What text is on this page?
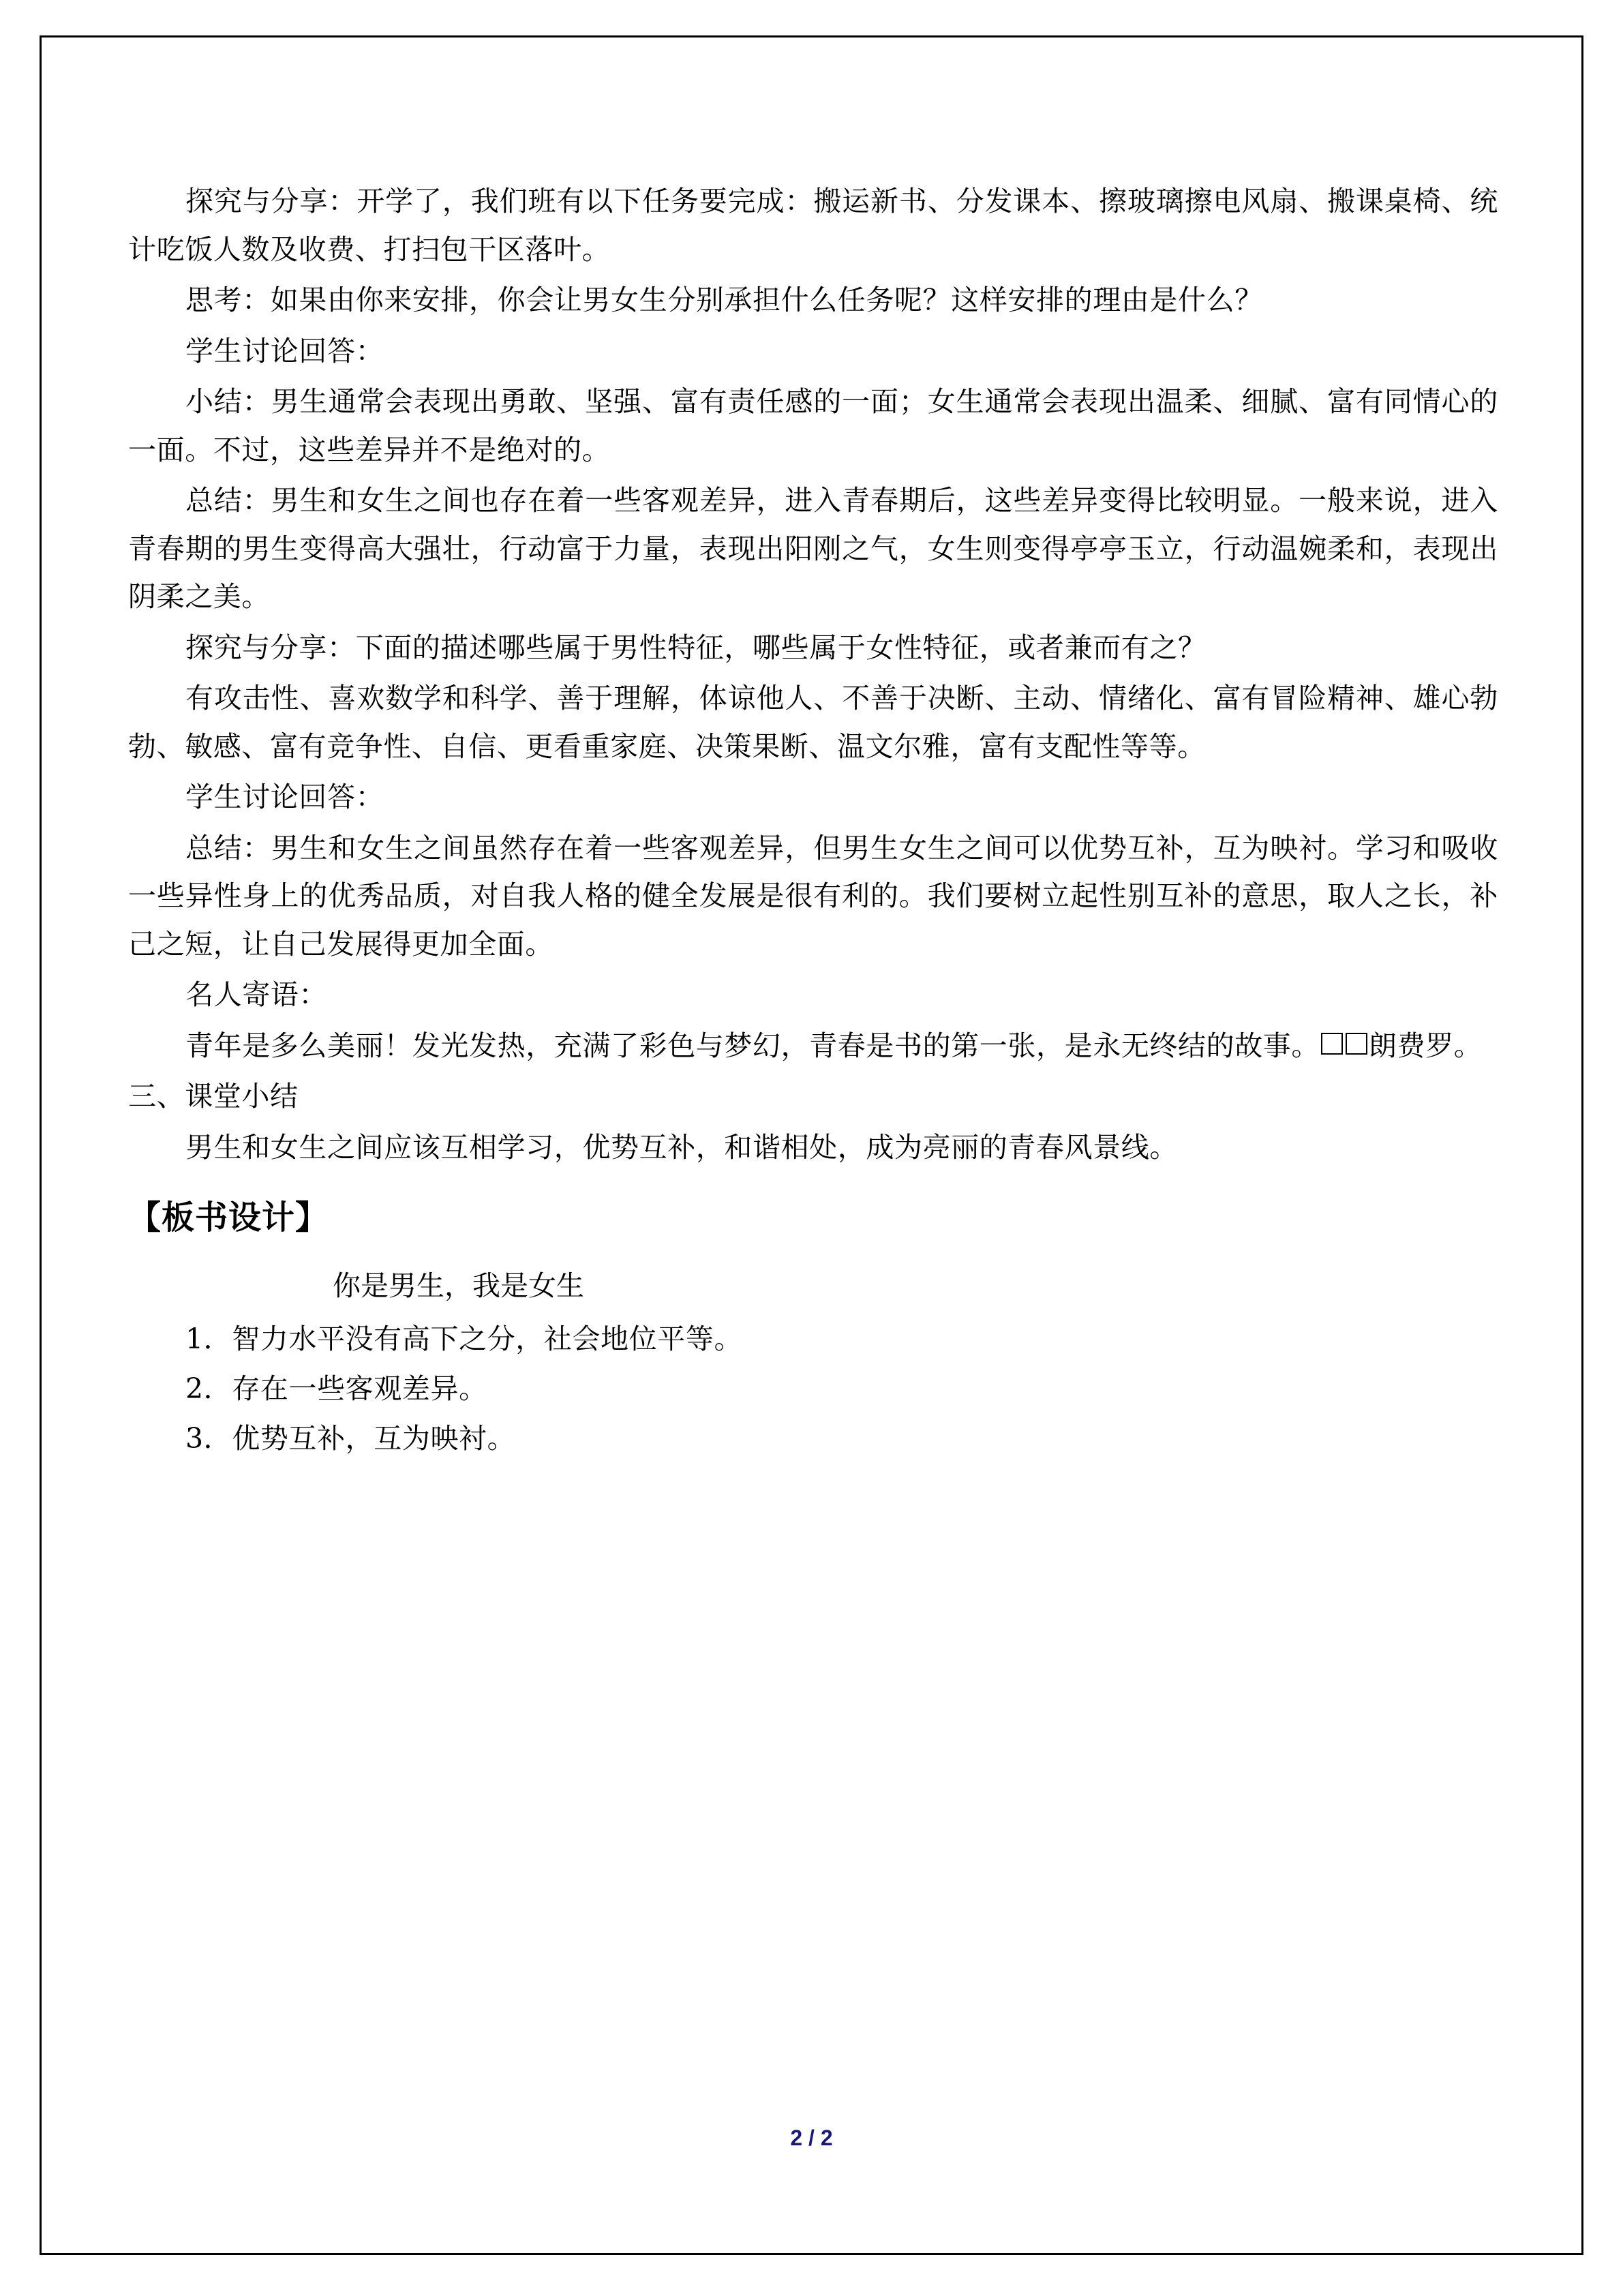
探究与分享：开学了，我们班有以下任务要完成：搬运新书、分发课本、擦玻璃擦电风扇、搬课桌椅、统计吃饭人数及收费、打扫包干区落叶。

思考：如果由你来安排，你会让男女生分别承担什么任务呢？这样安排的理由是什么？

学生讨论回答：

小结：男生通常会表现出勇敢、坚强、富有责任感的一面；女生通常会表现出温柔、细腻、富有同情心的一面。不过，这些差异并不是绝对的。

总结：男生和女生之间也存在着一些客观差异，进入青春期后，这些差异变得比较明显。一般来说，进入青春期的男生变得高大强壮，行动富于力量，表现出阳刚之气，女生则变得亭亭玉立，行动温婉柔和，表现出阴柔之美。

探究与分享：下面的描述哪些属于男性特征，哪些属于女性特征，或者兼而有之？

有攻击性、喜欢数学和科学、善于理解，体谅他人、不善于决断、主动、情绪化、富有冒险精神、雄心勃勃、敏感、富有竞争性、自信、更看重家庭、决策果断、温文尔雅，富有支配性等等。

学生讨论回答：

总结：男生和女生之间虽然存在着一些客观差异，但男生女生之间可以优势互补，互为映衬。学习和吸收一些异性身上的优秀品质，对自我人格的健全发展是很有利的。我们要树立起性别互补的意思，取人之长，补己之短，让自己发展得更加全面。

名人寄语：

青年是多么美丽！发光发热，充满了彩色与梦幻，青春是书的第一张，是永无终结的故事。 朗费罗。

三、课堂小结

男生和女生之间应该互相学习，优势互补，和谐相处，成为亮丽的青春风景线。

【板书设计】

你是男生，我是女生

1．智力水平没有高下之分，社会地位平等。

2．存在一些客观差异。

3．优势互补，互为映衬。

2 / 2
